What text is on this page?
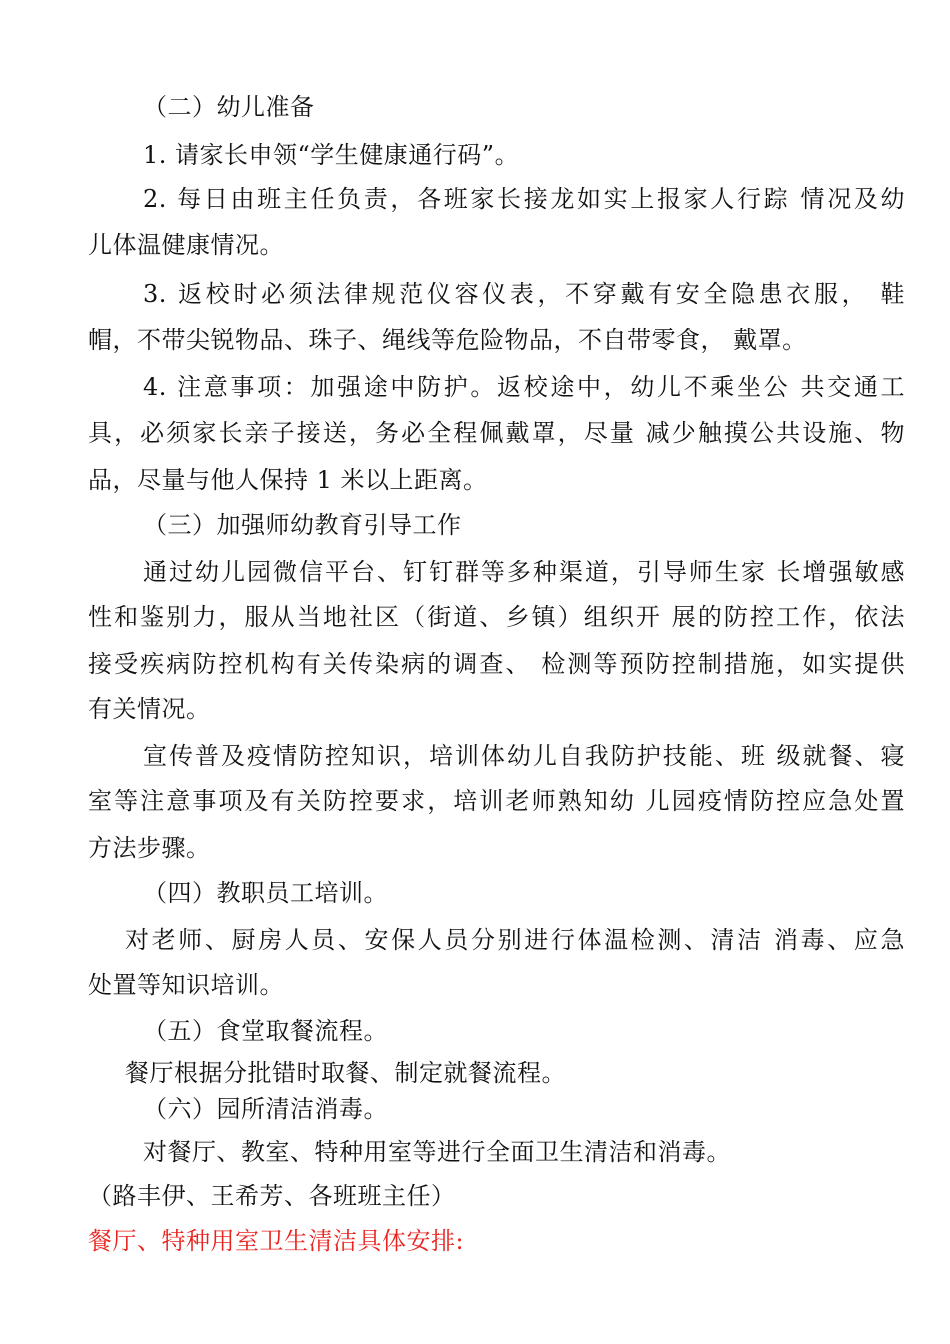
（二）幼儿准备
1. 请家长申领“学生健康通行码”。
2. 每日由班主任负责，各班家长接龙如实上报家人行踪 情况及幼
儿体温健康情况。
3. 返校时必须法律规范仪容仪表，不穿戴有安全隐患衣服， 鞋
帽，不带尖锐物品、珠子、绳线等危险物品，不自带零食， 戴罩。
4. 注意事项：加强途中防护。返校途中，幼儿不乘坐公 共交通工
具，必须家长亲子接送，务必全程佩戴罩，尽量 减少触摸公共设施、物
品，尽量与他人保持 1 米以上距离。
（三）加强师幼教育引导工作
通过幼儿园微信平台、钉钉群等多种渠道，引导师生家 长增强敏感
性和鉴别力，服从当地社区（街道、乡镇）组织开 展的防控工作，依法
接受疾病防控机构有关传染病的调查、 检测等预防控制措施，如实提供
有关情况。
宣传普及疫情防控知识，培训体幼儿自我防护技能、班 级就餐、寝
室等注意事项及有关防控要求，培训老师熟知幼 儿园疫情防控应急处置
方法步骤。
（四）教职员工培训。
对老师、厨房人员、安保人员分别进行体温检测、清洁 消毒、应急
处置等知识培训。
（五）食堂取餐流程。
餐厅根据分批错时取餐、制定就餐流程。
（六）园所清洁消毒。
对餐厅、教室、特种用室等进行全面卫生清洁和消毒。
（路丰伊、王希芳、各班班主任）
餐厅、特种用室卫生清洁具体安排:
